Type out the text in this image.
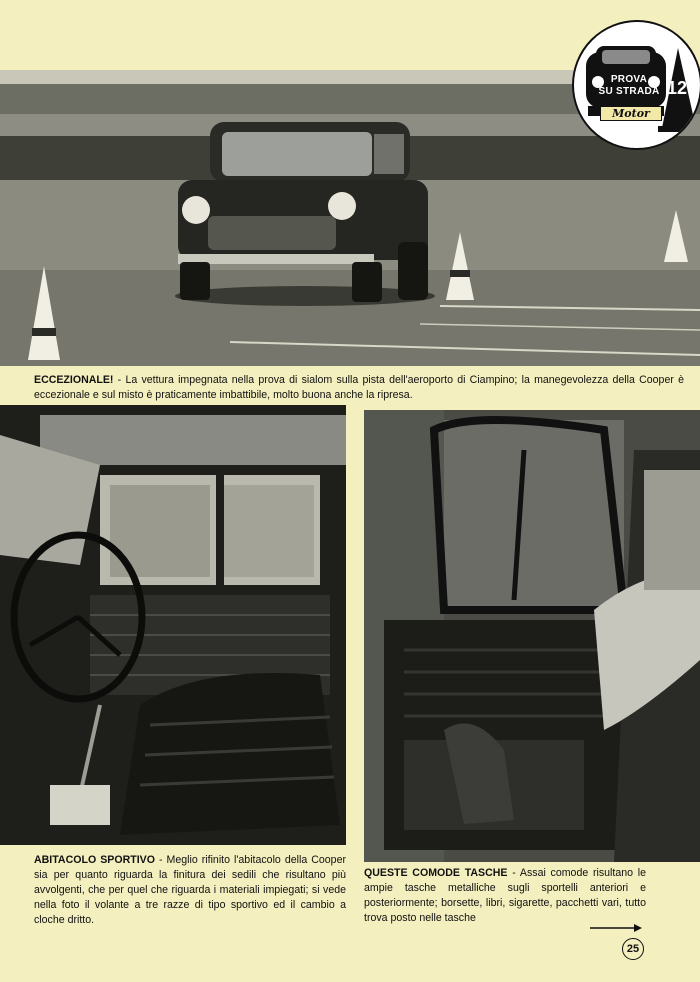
PROVA
SU STRADA 12
Motor
ECCEZIONALE! - La vettura impegnata nella prova di sialom sulla pista dell'aeroporto di Ciampino; la manegevolezza della Cooper è eccezionale e sul misto è praticamente imbattibile, molto buona anche la ripresa.
ABITACOLO SPORTIVO - Meglio rifinito l'abitacolo della Cooper sia per quanto riguarda la finitura dei sedili che risultano più avvolgenti, che per quel che riguarda i materiali impiegati; si vede nella foto il volante a tre razze di tipo sportivo ed il cambio a cloche dritto.
QUESTE COMODE TASCHE - Assai comode risultano le ampie tasche metalliche sugli sportelli anteriori e posteriormente; borsette, libri, sigarette, pacchetti vari, tutto trova posto nelle tasche
25
